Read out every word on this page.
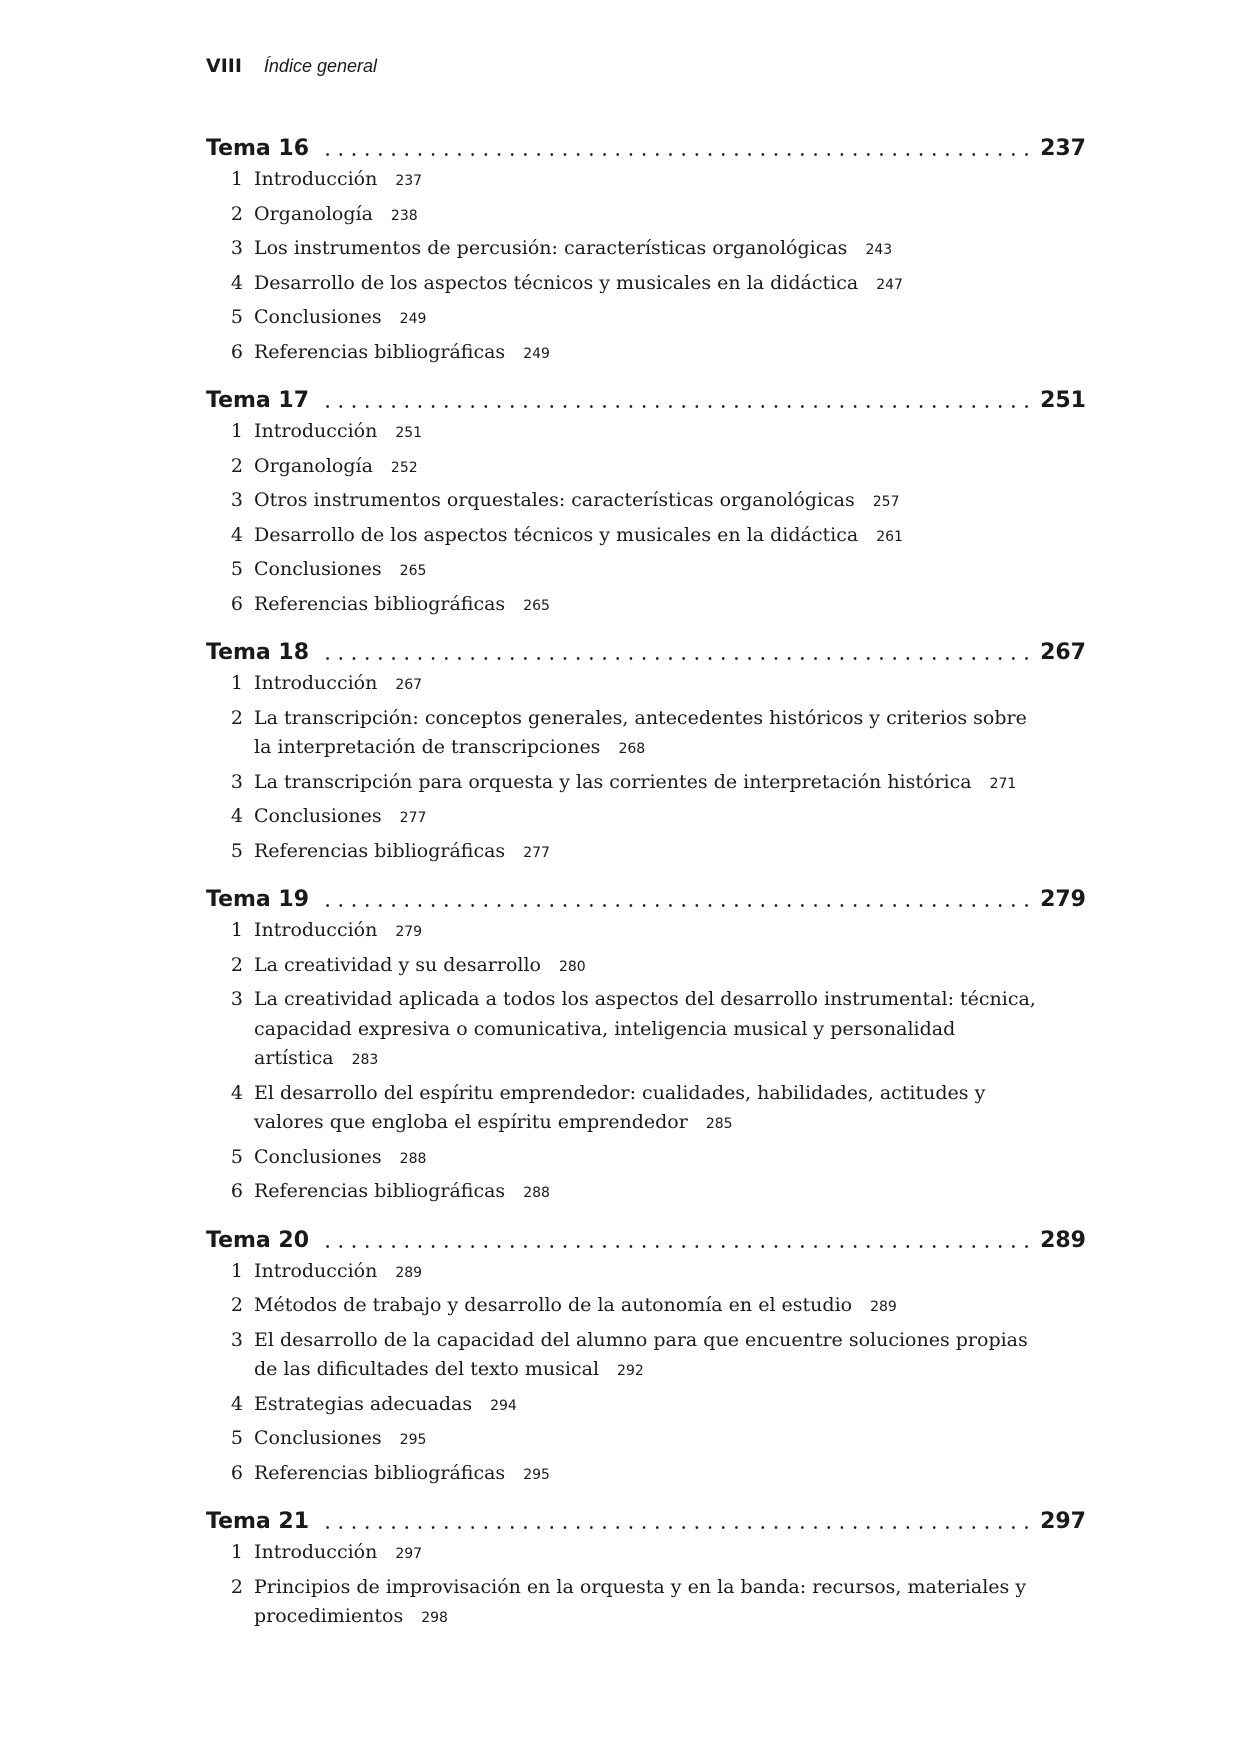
VIII Índice general
Tema 16	237
1 Introducción 237
2 Organología 238
3 Los instrumentos de percusión: características organológicas 243
4 Desarrollo de los aspectos técnicos y musicales en la didáctica 247
5 Conclusiones 249
6 Referencias bibliográficas 249
Tema 17	251
1 Introducción 251
2 Organología 252
3 Otros instrumentos orquestales: características organológicas 257
4 Desarrollo de los aspectos técnicos y musicales en la didáctica 261
5 Conclusiones 265
6 Referencias bibliográficas 265
Tema 18	267
1 Introducción 267
2 La transcripción: conceptos generales, antecedentes históricos y criterios sobre la interpretación de transcripciones 268
3 La transcripción para orquesta y las corrientes de interpretación histórica 271
4 Conclusiones 277
5 Referencias bibliográficas 277
Tema 19	279
1 Introducción 279
2 La creatividad y su desarrollo 280
3 La creatividad aplicada a todos los aspectos del desarrollo instrumental: técnica, capacidad expresiva o comunicativa, inteligencia musical y personalidad artística 283
4 El desarrollo del espíritu emprendedor: cualidades, habilidades, actitudes y valores que engloba el espíritu emprendedor 285
5 Conclusiones 288
6 Referencias bibliográficas 288
Tema 20	289
1 Introducción 289
2 Métodos de trabajo y desarrollo de la autonomía en el estudio 289
3 El desarrollo de la capacidad del alumno para que encuentre soluciones propias de las dificultades del texto musical 292
4 Estrategias adecuadas 294
5 Conclusiones 295
6 Referencias bibliográficas 295
Tema 21	297
1 Introducción 297
2 Principios de improvisación en la orquesta y en la banda: recursos, materiales y procedimientos 298
